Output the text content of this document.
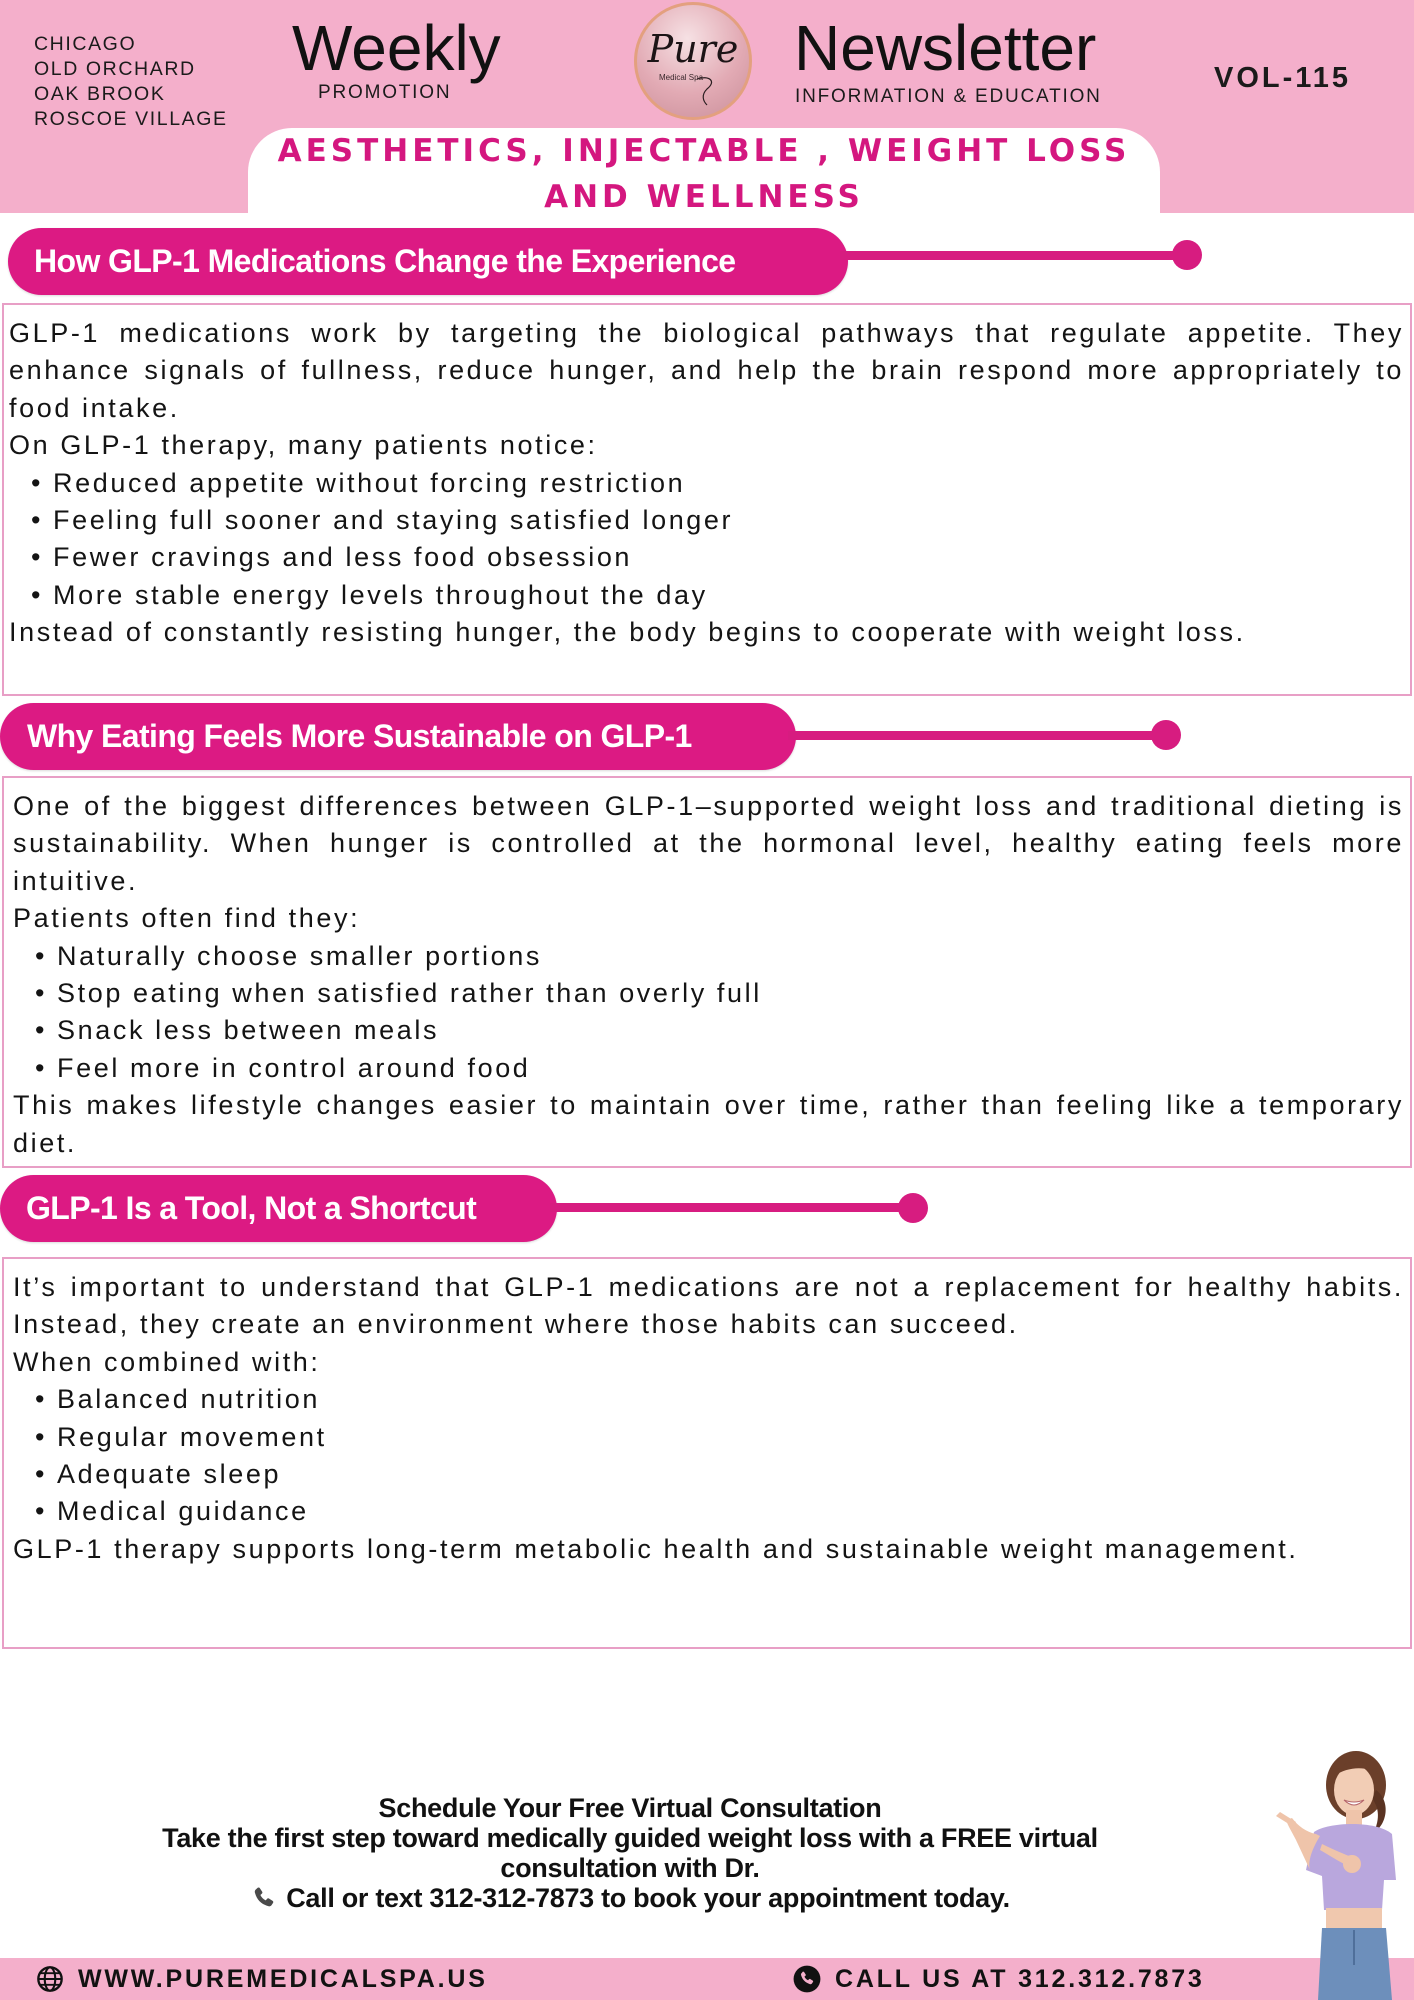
CHICAGO
OLD ORCHARD
OAK BROOK
ROSCOE VILLAGE
Weekly
PROMOTION
Pure
Medical Spa Newsletter
INFORMATION & EDUCATION
VOL-115
AESTHETICS, INJECTABLE , WEIGHT LOSS
AND WELLNESS
How GLP-1 Medications Change the Experience
GLP-1 medications work by targeting the biological pathways that regulate appetite. They enhance signals of fullness, reduce hunger, and help the brain respond more appropriately to food intake.
On GLP-1 therapy, many patients notice:
• Reduced appetite without forcing restriction
• Feeling full sooner and staying satisfied longer
• Fewer cravings and less food obsession
• More stable energy levels throughout the day
Instead of constantly resisting hunger, the body begins to cooperate with weight loss.
Why Eating Feels More Sustainable on GLP-1
One of the biggest differences between GLP-1–supported weight loss and traditional dieting is sustainability. When hunger is controlled at the hormonal level, healthy eating feels more intuitive.
Patients often find they:
• Naturally choose smaller portions
• Stop eating when satisfied rather than overly full
• Snack less between meals
• Feel more in control around food
This makes lifestyle changes easier to maintain over time, rather than feeling like a temporary diet.
GLP-1 Is a Tool, Not a Shortcut
It’s important to understand that GLP-1 medications are not a replacement for healthy habits. Instead, they create an environment where those habits can succeed.
When combined with:
• Balanced nutrition
• Regular movement
• Adequate sleep
• Medical guidance
GLP-1 therapy supports long-term metabolic health and sustainable weight management.
Schedule Your Free Virtual Consultation
Take the first step toward medically guided weight loss with a FREE virtual consultation with Dr.
Call or text 312-312-7873 to book your appointment today.
WWW.PUREMEDICALSPA.US	CALL US AT 312.312.7873
